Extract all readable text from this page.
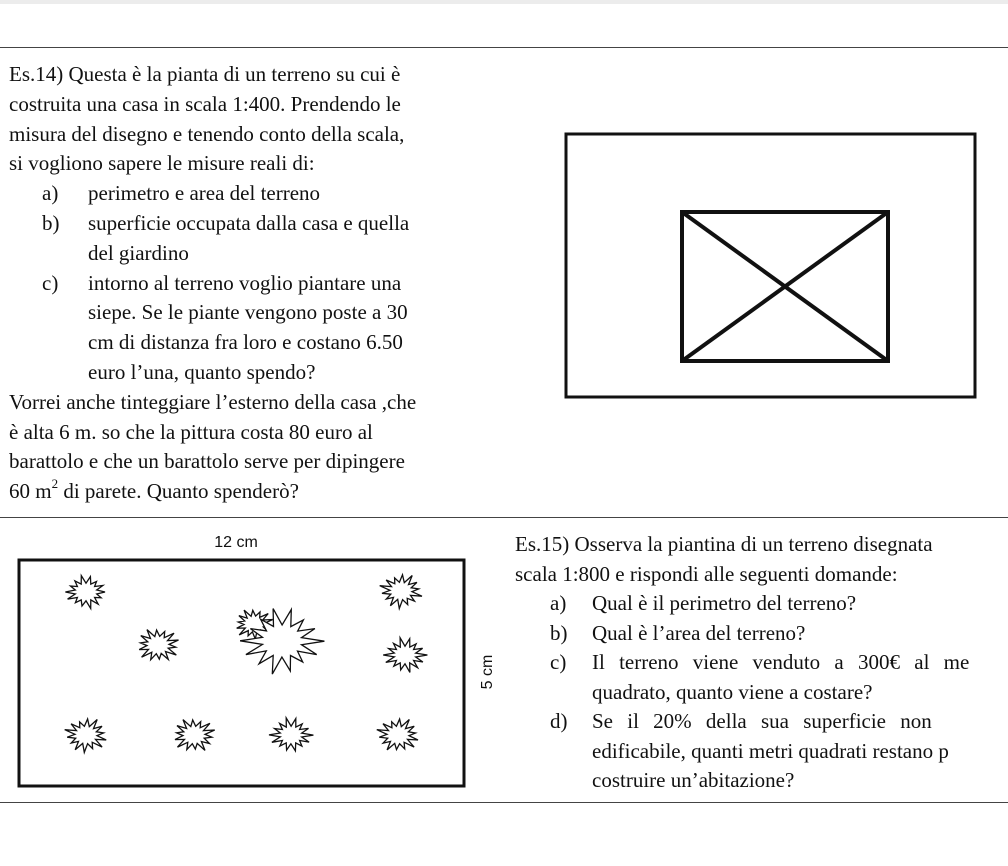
Es.14) Questa è la pianta di un terreno su cui è
costruita una casa in scala 1:400. Prendendo le
misura del disegno e tenendo conto della scala,
si vogliono sapere le misure reali di:
a) perimetro e area del terreno
b) superficie occupata dalla casa e quella
del giardino
c) intorno al terreno voglio piantare una
siepe. Se le piante vengono poste a 30
cm di distanza fra loro e costano 6.50
euro l’una, quanto spendo?
Vorrei anche tinteggiare l’esterno della casa ,che
è alta 6 m. so che la pittura costa 80 euro al
barattolo e che un barattolo serve per dipingere
60 $m^2$ di parete. Quanto spenderò?
12 cm
5 cm
Es.15) Osserva la piantina di un terreno disegnata
scala 1:800 e rispondi alle seguenti domande:
a) Qual è il perimetro del terreno?
b) Qual è l’area del terreno?
c) Il terreno viene venduto a 300€ al me
quadrato, quanto viene a costare?
d) Se il 20% della sua superficie non
edificabile, quanti metri quadrati restano p
costruire un’abitazione?
